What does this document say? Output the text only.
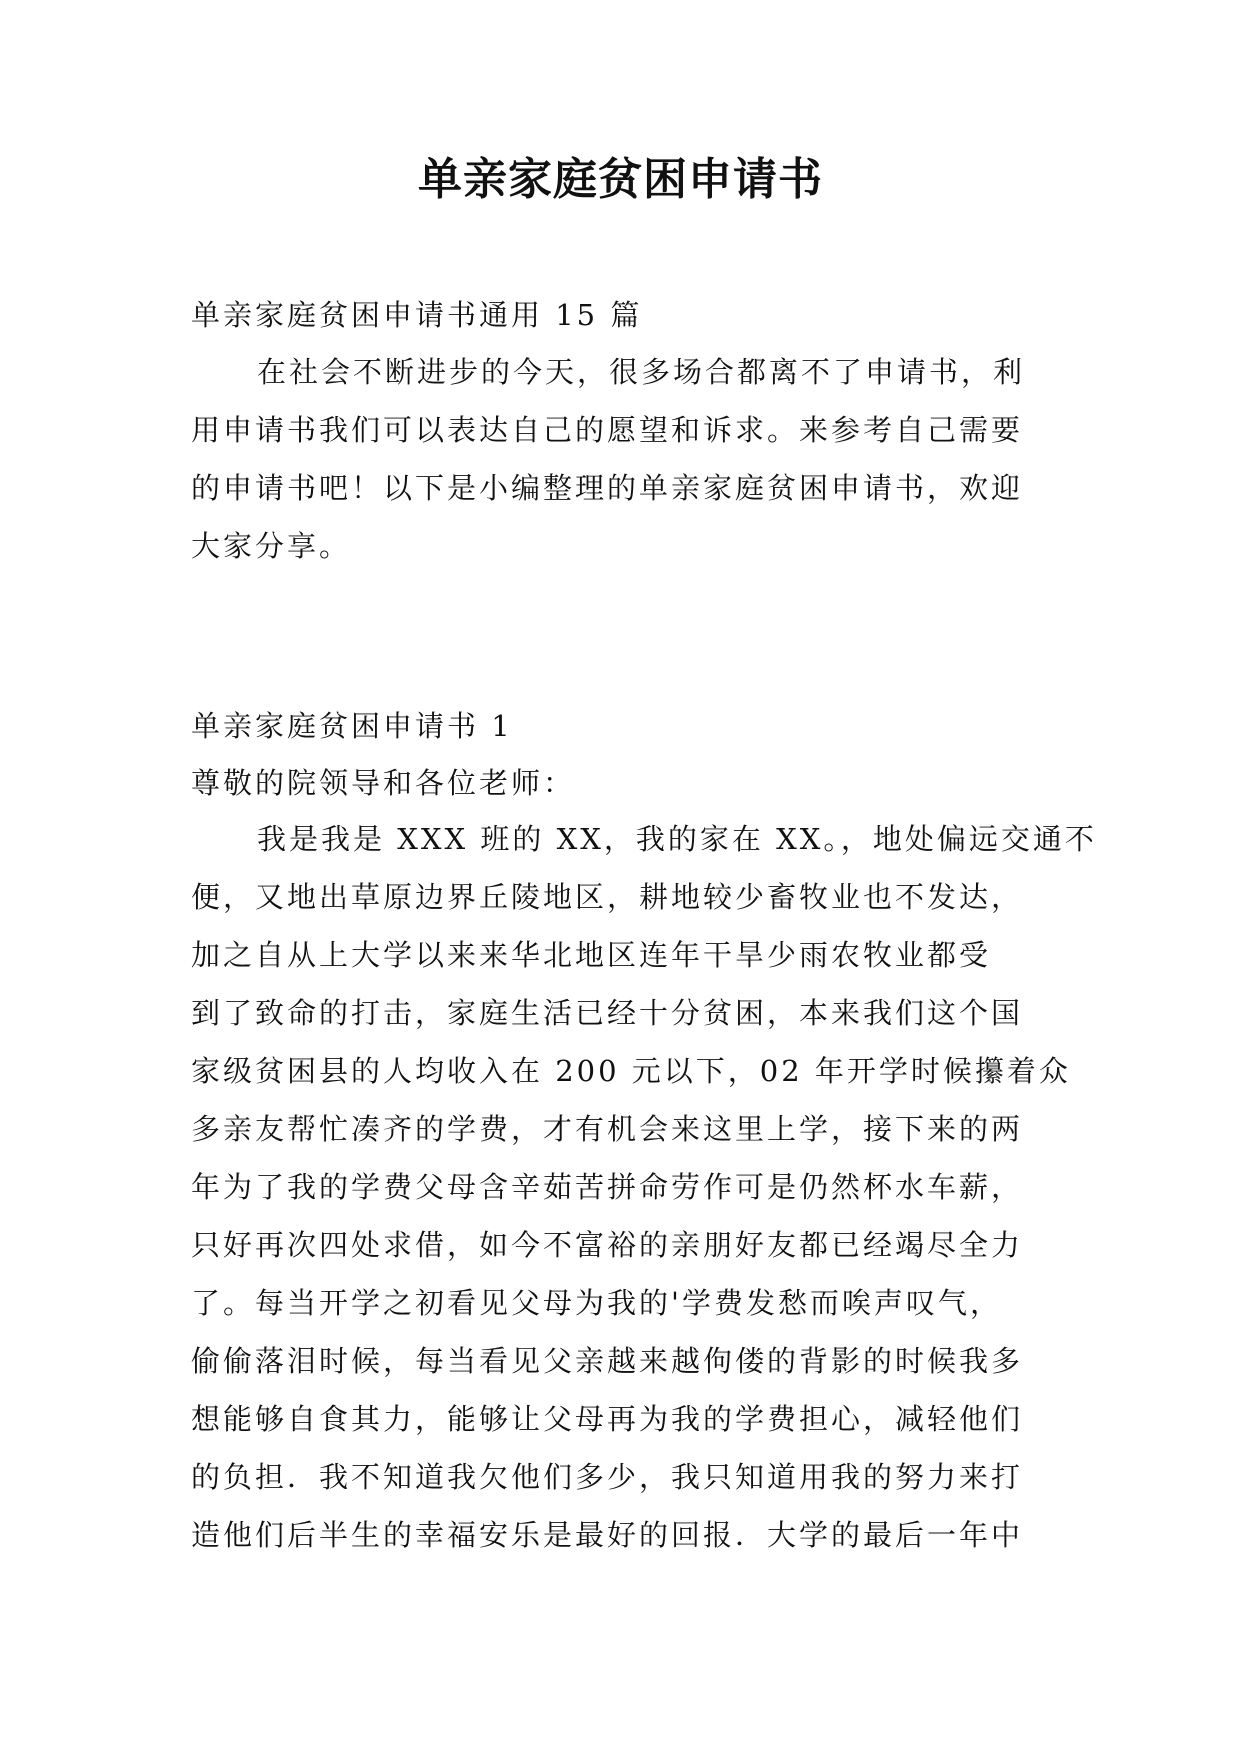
单亲家庭贫困申请书
单亲家庭贫困申请书通用 15 篇
在社会不断进步的今天，很多场合都离不了申请书，利
用申请书我们可以表达自己的愿望和诉求。来参考自己需要
的申请书吧！以下是小编整理的单亲家庭贫困申请书，欢迎
大家分享。
单亲家庭贫困申请书 1
尊敬的院领导和各位老师：
我是我是 XXX 班的 XX，我的家在 XX。，地处偏远交通不
便，又地出草原边界丘陵地区，耕地较少畜牧业也不发达，
加之自从上大学以来来华北地区连年干旱少雨农牧业都受
到了致命的打击，家庭生活已经十分贫困，本来我们这个国
家级贫困县的人均收入在 200 元以下，02 年开学时候攥着众
多亲友帮忙凑齐的学费，才有机会来这里上学，接下来的两
年为了我的学费父母含辛茹苦拼命劳作可是仍然杯水车薪，
只好再次四处求借，如今不富裕的亲朋好友都已经竭尽全力
了。每当开学之初看见父母为我的'学费发愁而唉声叹气，
偷偷落泪时候，每当看见父亲越来越佝偻的背影的时候我多
想能够自食其力，能够让父母再为我的学费担心，减轻他们
的负担．我不知道我欠他们多少，我只知道用我的努力来打
造他们后半生的幸福安乐是最好的回报．大学的最后一年中
